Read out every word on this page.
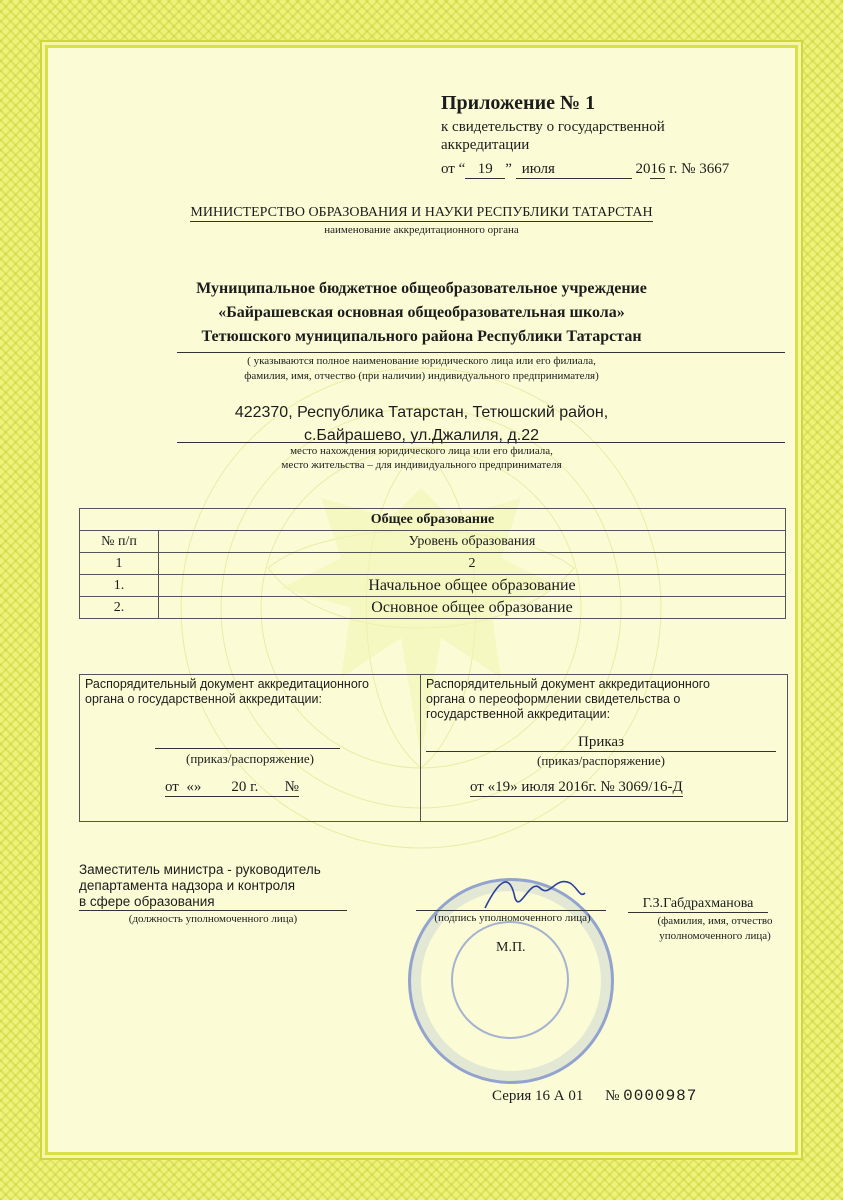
Приложение № 1
к свидетельству о государственной
аккредитации
от “ 19 ” июля	2016 г. № 3667
МИНИСТЕРСТВО ОБРАЗОВАНИЯ И НАУКИ РЕСПУБЛИКИ ТАТАРСТАН
наименование аккредитационного органа
Муниципальное бюджетное общеобразовательное учреждение
«Байрашевская основная общеобразовательная школа»
Тетюшского муниципального района Республики Татарстан
( указываются полное наименование юридического лица или его филиала,
фамилия, имя, отчество (при наличии) индивидуального предпринимателя)
422370, Республика Татарстан, Тетюшский район,
с.Байрашево, ул.Джалиля, д.22
место нахождения юридического лица или его филиала,
место жительства – для индивидуального предпринимателя
Общее образование	
№ п/п	Уровень образования
1	2
1.	Начальное общее образование
2.	Основное общее образование
Распорядительный документ аккредитационного
органа о государственной аккредитации:
(приказ/распоряжение)
от  «»        20 г.       №
Распорядительный документ аккредитационного
органа о переоформлении свидетельства о
государственной аккредитации:
Приказ
(приказ/распоряжение)
от «19» июля 2016г. № 3069/16-Д
Заместитель министра - руководитель
департамента надзора и контроля
в сфере образования
(должность уполномоченного лица)	(подпись уполномоченного лица)
М.П.
Г.З.Габдрахманова
(фамилия, имя, отчество
уполномоченного лица)
Серия 16 А 01 № 0000987
